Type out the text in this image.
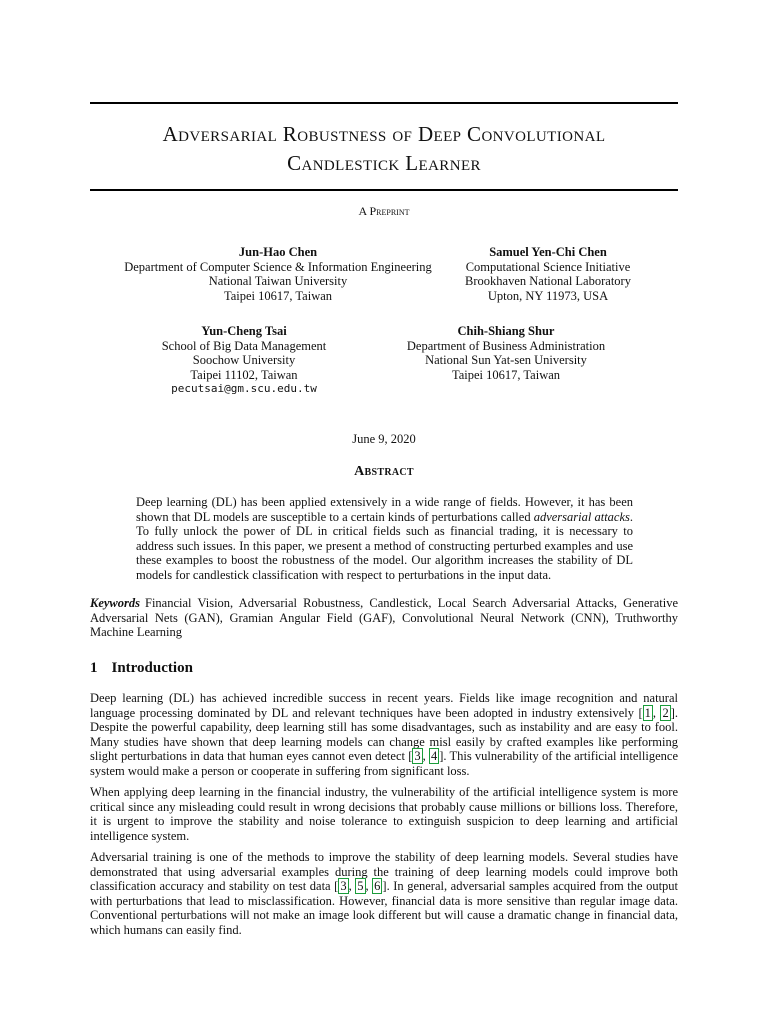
Adversarial Robustness of Deep Convolutional
Candlestick Learner
A Preprint
Jun-Hao Chen
Department of Computer Science & Information Engineering
National Taiwan University
Taipei 10617, Taiwan
Samuel Yen-Chi Chen
Computational Science Initiative
Brookhaven National Laboratory
Upton, NY 11973, USA
Yun-Cheng Tsai
School of Big Data Management
Soochow University
Taipei 11102, Taiwan
pecutsai@gm.scu.edu.tw
Chih-Shiang Shur
Department of Business Administration
National Sun Yat-sen University
Taipei 10617, Taiwan
June 9, 2020
Abstract
Deep learning (DL) has been applied extensively in a wide range of fields. However, it has been shown that DL models are susceptible to a certain kinds of perturbations called adversarial attacks. To fully unlock the power of DL in critical fields such as financial trading, it is necessary to address such issues. In this paper, we present a method of constructing perturbed examples and use these examples to boost the robustness of the model. Our algorithm increases the stability of DL models for candlestick classification with respect to perturbations in the input data.
Keywords Financial Vision, Adversarial Robustness, Candlestick, Local Search Adversarial Attacks, Generative Adversarial Nets (GAN), Gramian Angular Field (GAF), Convolutional Neural Network (CNN), Truthworthy Machine Learning
1 Introduction

Deep learning (DL) has achieved incredible success in recent years. Fields like image recognition and natural language processing dominated by DL and relevant techniques have been adopted in industry extensively [ 1 , 2 ]. Despite the powerful capability, deep learning still has some disadvantages, such as instability and are easy to fool. Many studies have shown that deep learning models can change misl easily by crafted examples like performing slight perturbations in data that human eyes cannot even detect [ 3 , 4 ]. This vulnerability of the artificial intelligence system would make a person or cooperate in suffering from significant loss.

When applying deep learning in the financial industry, the vulnerability of the artificial intelligence system is more critical since any misleading could result in wrong decisions that probably cause millions or billions loss. Therefore, it is urgent to improve the stability and noise tolerance to extinguish suspicion to deep learning and artificial intelligence system.

Adversarial training is one of the methods to improve the stability of deep learning models. Several studies have demonstrated that using adversarial examples during the training of deep learning models could improve both classification accuracy and stability on test data [ 3 , 5 , 6 ]. In general, adversarial samples acquired from the output with perturbations that lead to misclassification. However, financial data is more sensitive than regular image data. Conventional perturbations will not make an image look different but will cause a dramatic change in financial data, which humans can easily find.
